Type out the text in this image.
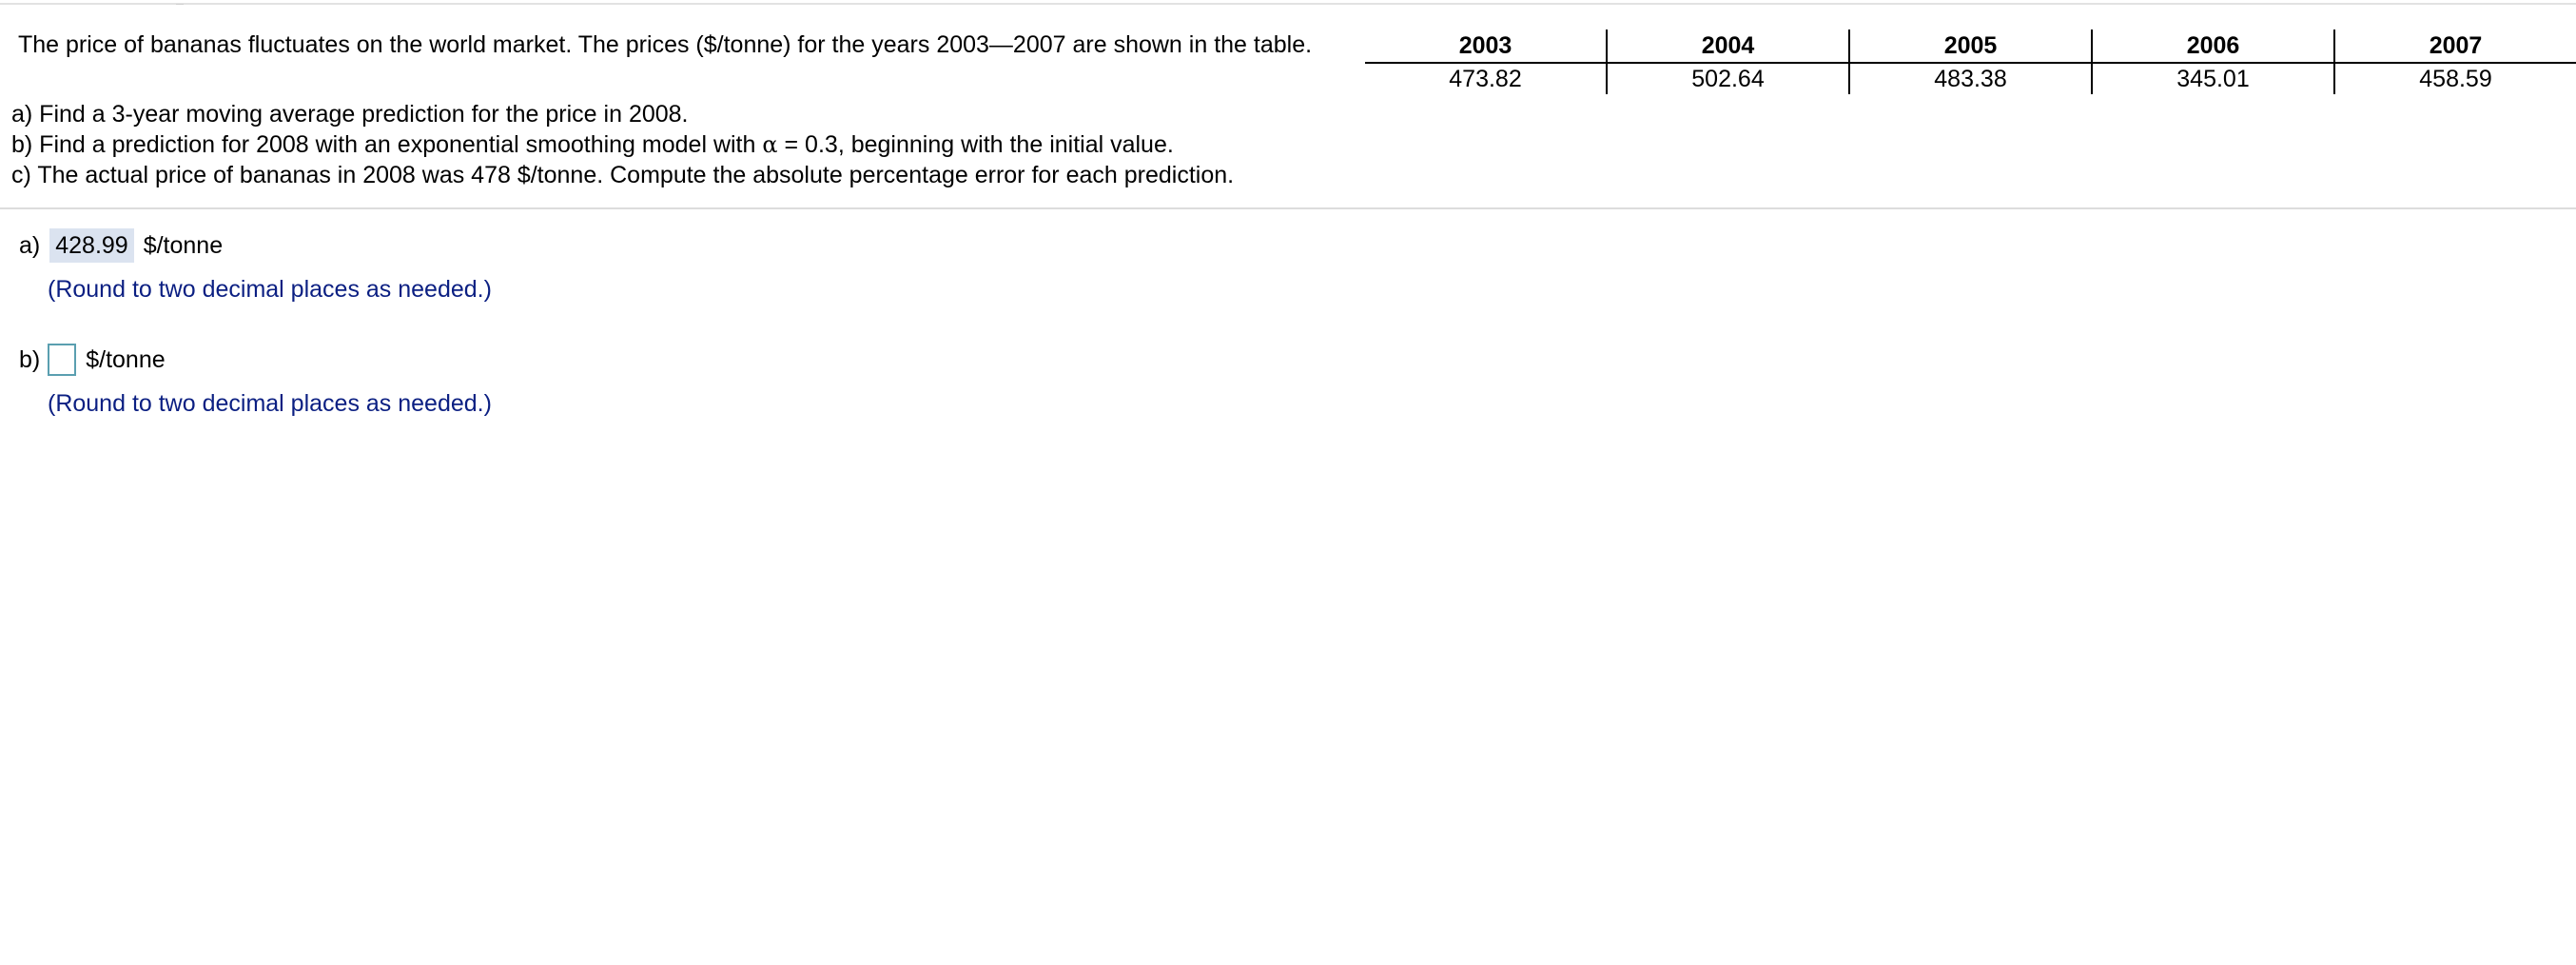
The price of bananas fluctuates on the world market. The prices ($/tonne) for the years 2003—2007 are shown in the table.	2003	2004	2005	2006	2007
473.82	502.64	483.38	345.01	458.59
a) Find a 3-year moving average prediction for the price in 2008.
b) Find a prediction for 2008 with an exponential smoothing model with α = 0.3, beginning with the initial value.
c) The actual price of bananas in 2008 was 478 $/tonne. Compute the absolute percentage error for each prediction.
a) 428.99 $/tonne
(Round to two decimal places as needed.)
b) $/tonne
(Round to two decimal places as needed.)
